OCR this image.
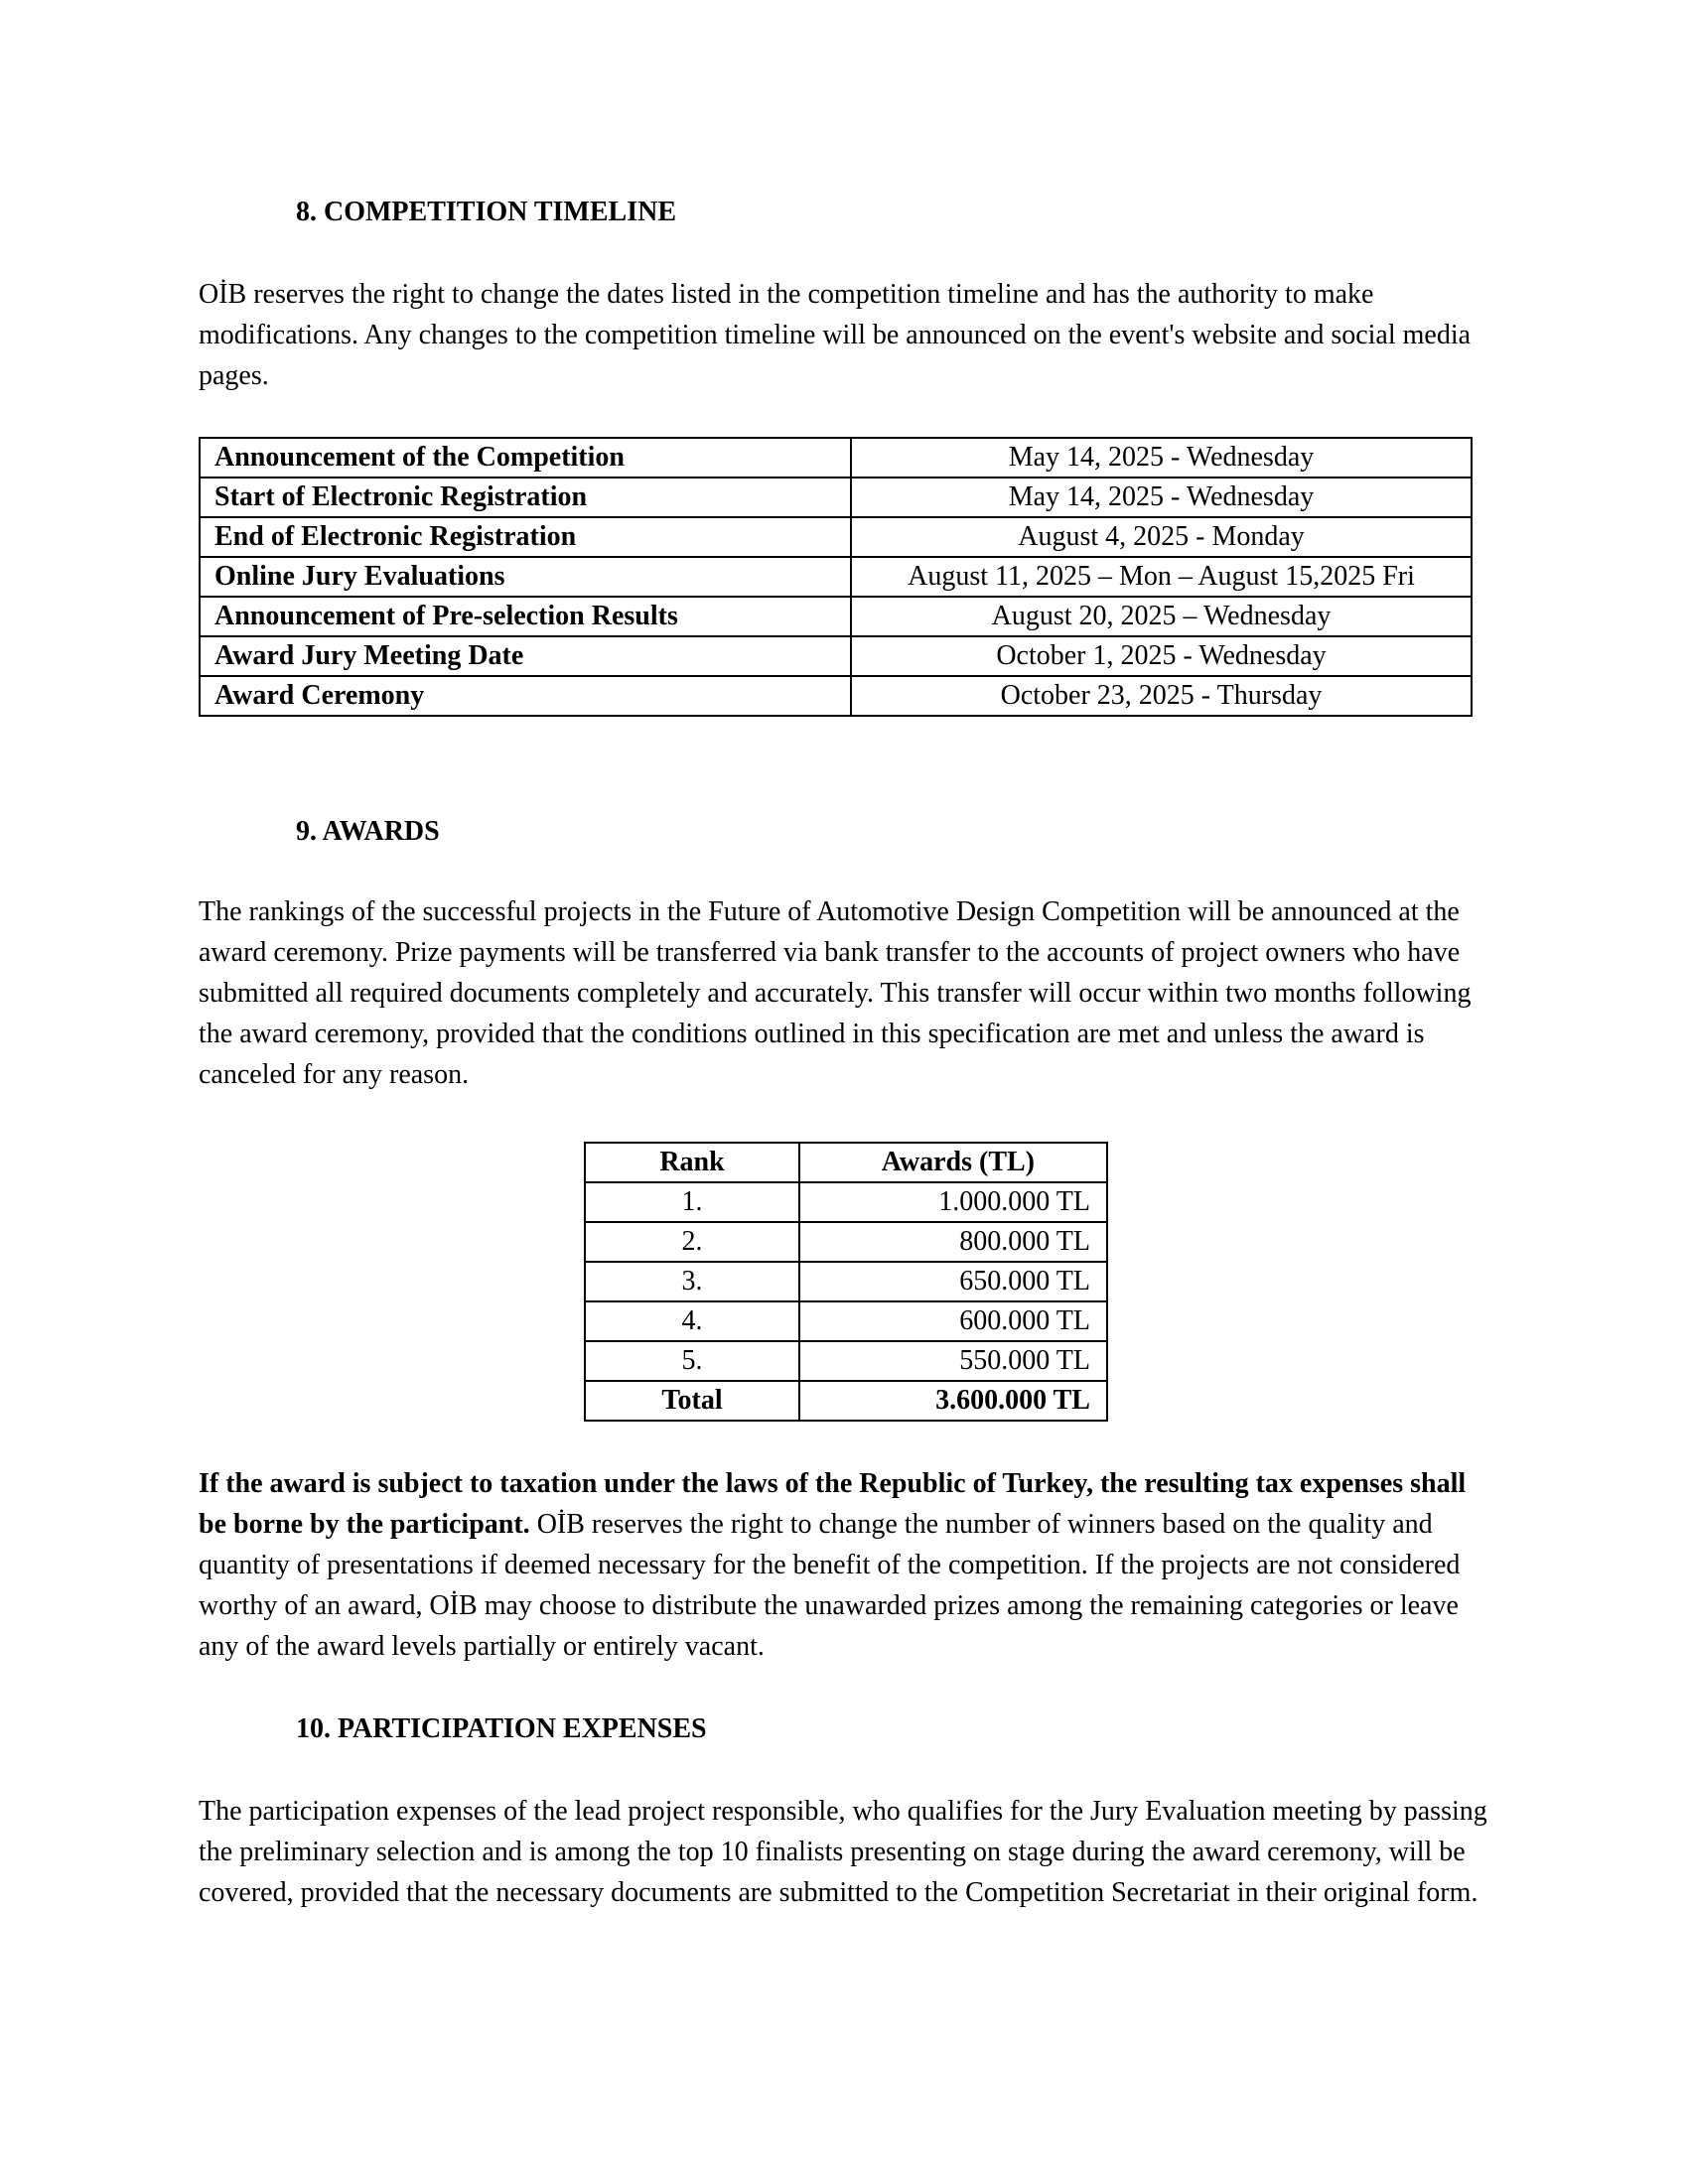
8. COMPETITION TIMELINE

OİB reserves the right to change the dates listed in the competition timeline and has the authority to make modifications. Any changes to the competition timeline will be announced on the event's website and social media pages.

Announcement of the Competition	May 14, 2025 - Wednesday
Start of Electronic Registration	May 14, 2025 - Wednesday
End of Electronic Registration	August 4, 2025 - Monday
Online Jury Evaluations	August 11, 2025 – Mon – August 15,2025 Fri
Announcement of Pre-selection Results	August 20, 2025 – Wednesday
Award Jury Meeting Date	October 1, 2025 - Wednesday
Award Ceremony	October 23, 2025 - Thursday
9. AWARDS

The rankings of the successful projects in the Future of Automotive Design Competition will be announced at the award ceremony. Prize payments will be transferred via bank transfer to the accounts of project owners who have submitted all required documents completely and accurately. This transfer will occur within two months following the award ceremony, provided that the conditions outlined in this specification are met and unless the award is canceled for any reason.

Rank	Awards (TL)
1.	1.000.000 TL
2.	800.000 TL
3.	650.000 TL
4.	600.000 TL
5.	550.000 TL
Total	3.600.000 TL

If the award is subject to taxation under the laws of the Republic of Turkey, the resulting tax expenses shall be borne by the participant. OİB reserves the right to change the number of winners based on the quality and quantity of presentations if deemed necessary for the benefit of the competition. If the projects are not considered worthy of an award, OİB may choose to distribute the unawarded prizes among the remaining categories or leave any of the award levels partially or entirely vacant.

10. PARTICIPATION EXPENSES

The participation expenses of the lead project responsible, who qualifies for the Jury Evaluation meeting by passing the preliminary selection and is among the top 10 finalists presenting on stage during the award ceremony, will be covered, provided that the necessary documents are submitted to the Competition Secretariat in their original form.
